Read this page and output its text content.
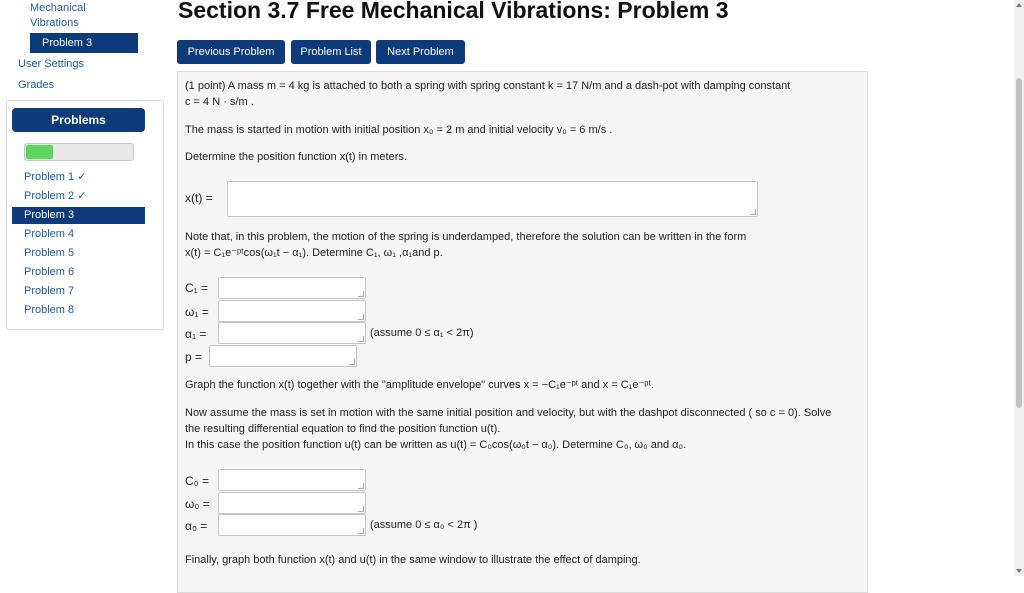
Mechanical
Vibrations
Problem 3
User Settings
Grades
Problems
Problem 1 ✓
Problem 2 ✓
Problem 3
Problem 4
Problem 5
Problem 6
Problem 7
Problem 8
Section 3.7 Free Mechanical Vibrations: Problem 3
Previous Problem	Problem List	Next Problem
(1 point) A mass m = 4 kg is attached to both a spring with spring constant k = 17 N/m and a dash-pot with damping constant
c = 4 N · s/m .
The mass is started in motion with initial position x₀ = 2 m and initial velocity v₀ = 6 m/s .
Determine the position function x(t) in meters.
x(t) =
Note that, in this problem, the motion of the spring is underdamped, therefore the solution can be written in the form
x(t) = C₁e⁻ᵖᵗcos(ω₁t − α₁). Determine C₁, ω₁ ,α₁and p.
C₁ =
ω₁ =
α₁ =	(assume 0 ≤ α₁ < 2π)
p =
Graph the function x(t) together with the "amplitude envelope" curves x = −C₁e⁻ᵖᵗ and x = C₁e⁻ᵖᵗ.
Now assume the mass is set in motion with the same initial position and velocity, but with the dashpot disconnected ( so c = 0). Solve
the resulting differential equation to find the position function u(t).
In this case the position function u(t) can be written as u(t) = C₀cos(ω₀t − α₀). Determine C₀, ω₀ and α₀.
C₀ =
ω₀ =
α₀ =	(assume 0 ≤ α₀ < 2π )
Finally, graph both function x(t) and u(t) in the same window to illustrate the effect of damping.
